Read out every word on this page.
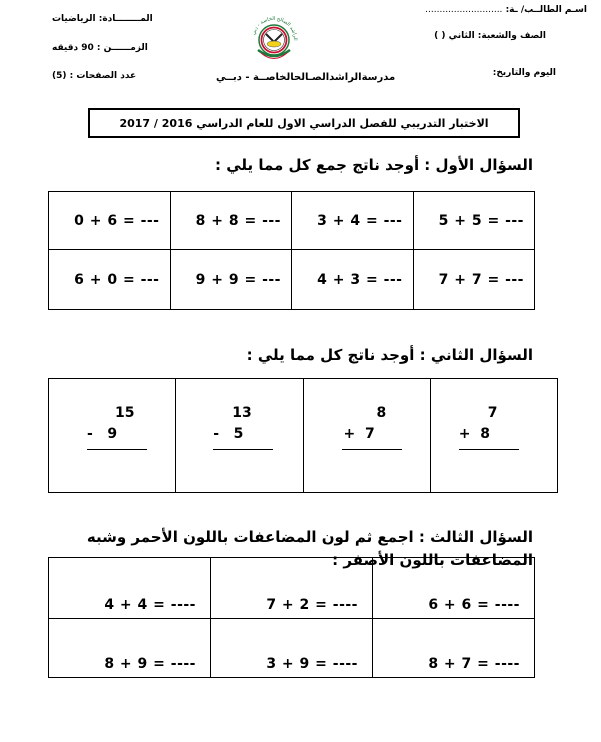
اسـم الطالــب/ ـة: ...........................
الصف والشعبة: الثاني ( )
اليوم والتاريخ:
المــــــــادة: الرياضيات
الزمــــــن : 90 دقيقه
عدد الصفحات : (5)
الراشد الصالح الخاصة - دبي
مدرسةالراشدالصـالحالخاصــة - دبــي
الاختبار التدريبي للفصل الدراسي الاول للعام الدراسي 2016 / 2017
السؤال الأول : أوجد ناتج جمع كل مما يلي :
0 + 6 = ---	8 + 8 = ---	3 + 4 = ---	5 + 5 = ---

6 + 0 = ---	9 + 9 = ---	4 + 3 = ---	7 + 7 = ---
السؤال الثاني : أوجد ناتج كل مما يلي :
15
-   9

13
-   5

8
+  7

7
+  8
السؤال الثالث : اجمع ثم لون المضاعفات باللون الأحمر وشبه المضاعفات باللون الأصفر :
4 + 4 = ----	7 + 2 = ----	6 + 6 = ----

8 + 9 = ----	3 + 9 = ----	8 + 7 = ----
